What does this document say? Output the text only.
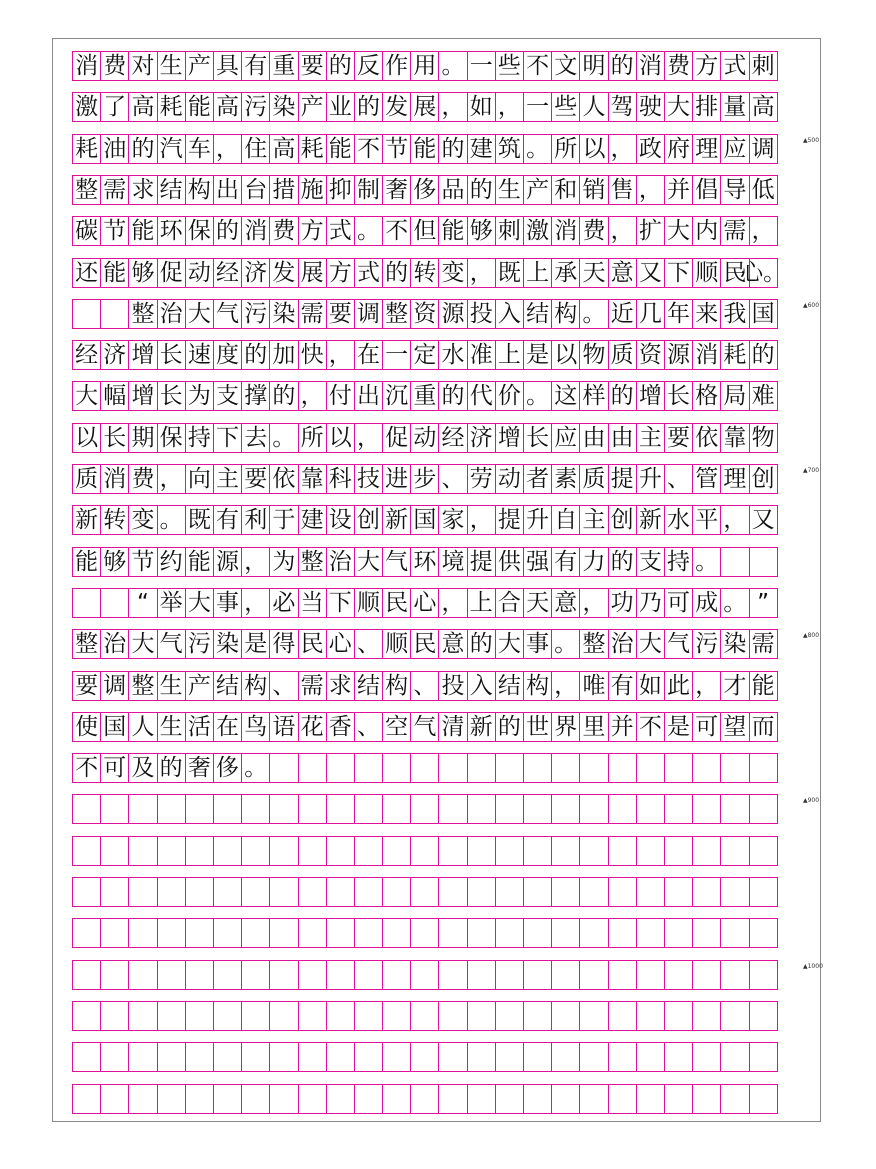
消 费 对 生 产 具 有 重 要 的 反 作 用 。 一 些 不 文 明 的 消 费 方 式 刺
激 了 高 耗 能 高 污 染 产 业 的 发 展 ， 如 ， 一 些 人 驾 驶 大 排 量 高
耗 油 的 汽 车 ， 住 高 耗 能 不 节 能 的 建 筑 。 所 以 ， 政 府 理 应 调
整 需 求 结 构 出 台 措 施 抑 制 奢 侈 品 的 生 产 和 销 售 ， 并 倡 导 低
碳 节 能 环 保 的 消 费 方 式 。 不 但 能 够 刺 激 消 费 ， 扩 大 内 需 ，
还 能 够 促 动 经 济 发 展 方 式 的 转 变 ， 既 上 承 天 意 又 下 顺 民
心。
整 治 大 气 污 染 需 要 调 整 资 源 投 入 结 构 。 近 几 年 来 我 国
经 济 增 长 速 度 的 加 快 ， 在 一 定 水 准 上 是 以 物 质 资 源 消 耗 的
大 幅 增 长 为 支 撑 的 ， 付 出 沉 重 的 代 价 。 这 样 的 增 长 格 局 难
以 长 期 保 持 下 去 。 所 以 ， 促 动 经 济 增 长 应 由 由 主 要 依 靠 物
质 消 费 ， 向 主 要 依 靠 科 技 进 步 、 劳 动 者 素 质 提 升 、 管 理 创
新 转 变 。 既 有 利 于 建 设 创 新 国 家 ， 提 升 自 主 创 新 水 平 ， 又
能 够 节 约 能 源 ， 为 整 治 大 气 环 境 提 供 强 有 力 的 支 持 。
“ 举 大 事 ， 必 当 下 顺 民 心 ， 上 合 天 意 ， 功 乃 可 成 。 ”
整 治 大 气 污 染 是 得 民 心 、 顺 民 意 的 大 事 。 整 治 大 气 污 染 需
要 调 整 生 产 结 构 、 需 求 结 构 、 投 入 结 构 ， 唯 有 如 此 ， 才 能
使 国 人 生 活 在 鸟 语 花 香 、 空 气 清 新 的 世 界 里 并 不 是 可 望 而
不 可 及 的 奢 侈 。
▲500
▲600
▲700
▲800
▲900
▲1000
